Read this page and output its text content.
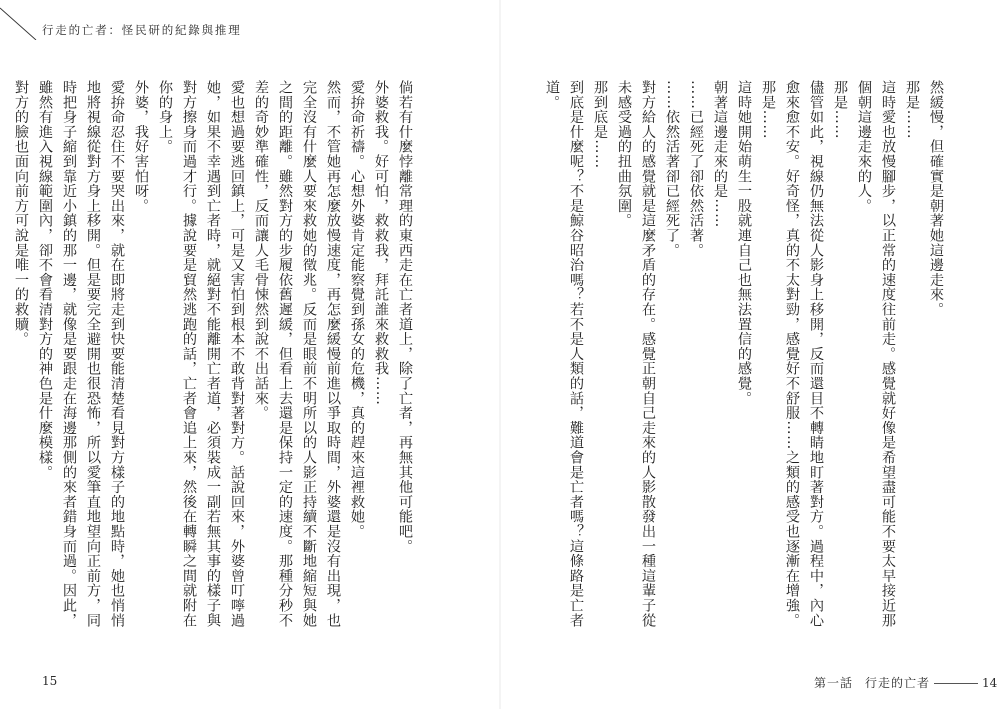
行走的亡者：怪民研的紀錄與推理

倘若有什麼悖離常理的東西走在亡者道上，除了亡者，再無其他可能吧。

外婆救我。好可怕，救救我，拜託誰來救救我……

愛拚命祈禱。心想外婆肯定能察覺到孫女的危機，真的趕來這裡救她。

然而，不管她再怎麼放慢速度，再怎麼緩慢前進以爭取時間，外婆還是沒有出現，也完全沒有什麼人要來救她的徵兆。反而是眼前不明所以的人影正持續不斷地縮短與她之間的距離。雖然對方的步履依舊遲緩，但看上去還是保持一定的速度。那種分秒不差的奇妙準確性，反而讓人毛骨悚然到說不出話來。

愛也想過要逃回鎮上，可是又害怕到根本不敢背對著對方。話說回來，外婆曾叮嚀過她，如果不幸遇到亡者時，就絕對不能離開亡者道，必須裝成一副若無其事的樣子與對方擦身而過才行。據說要是貿然逃跑的話，亡者會追上來，然後在轉瞬之間就附在你的身上。

外婆，我好害怕呀。

愛拚命忍住不要哭出來，就在即將走到快要能清楚看見對方樣子的地點時，她也悄悄地將視線從對方身上移開。但是要完全避開也很恐怖，所以愛筆直地望向正前方，同時把身子縮到靠近小鎮的那一邊，就像是要跟走在海邊那側的來者錯身而過。因此，雖然有進入視線範圍內，卻不會看清對方的神色是什麼模樣。

對方的臉也面向前方可說是唯一的救贖。	然緩慢，但確實是朝著她這邊走來。

那是……

這時愛也放慢腳步，以正常的速度往前走。感覺就好像是希望盡可能不要太早接近那個朝這邊走來的人。

那是……

儘管如此，視線仍無法從人影身上移開，反而還目不轉睛地盯著對方。過程中，內心愈來愈不安。好奇怪，真的不太對勁，感覺好不舒服……之類的感受也逐漸在增強。

那是……

這時她開始萌生一股就連自己也無法置信的感覺。

朝著這邊走來的是……

……已經死了卻依然活著。

……依然活著卻已經死了。

對方給人的感覺就是這麼矛盾的存在。感覺正朝自己走來的人影散發出一種這輩子從未感受過的扭曲氛圍。

那到底是……

到底是什麼呢？不是鯨谷昭治嗎？若不是人類的話，難道會是亡者嗎？這條路是亡者道。

15	第一話 行走的亡者	14
